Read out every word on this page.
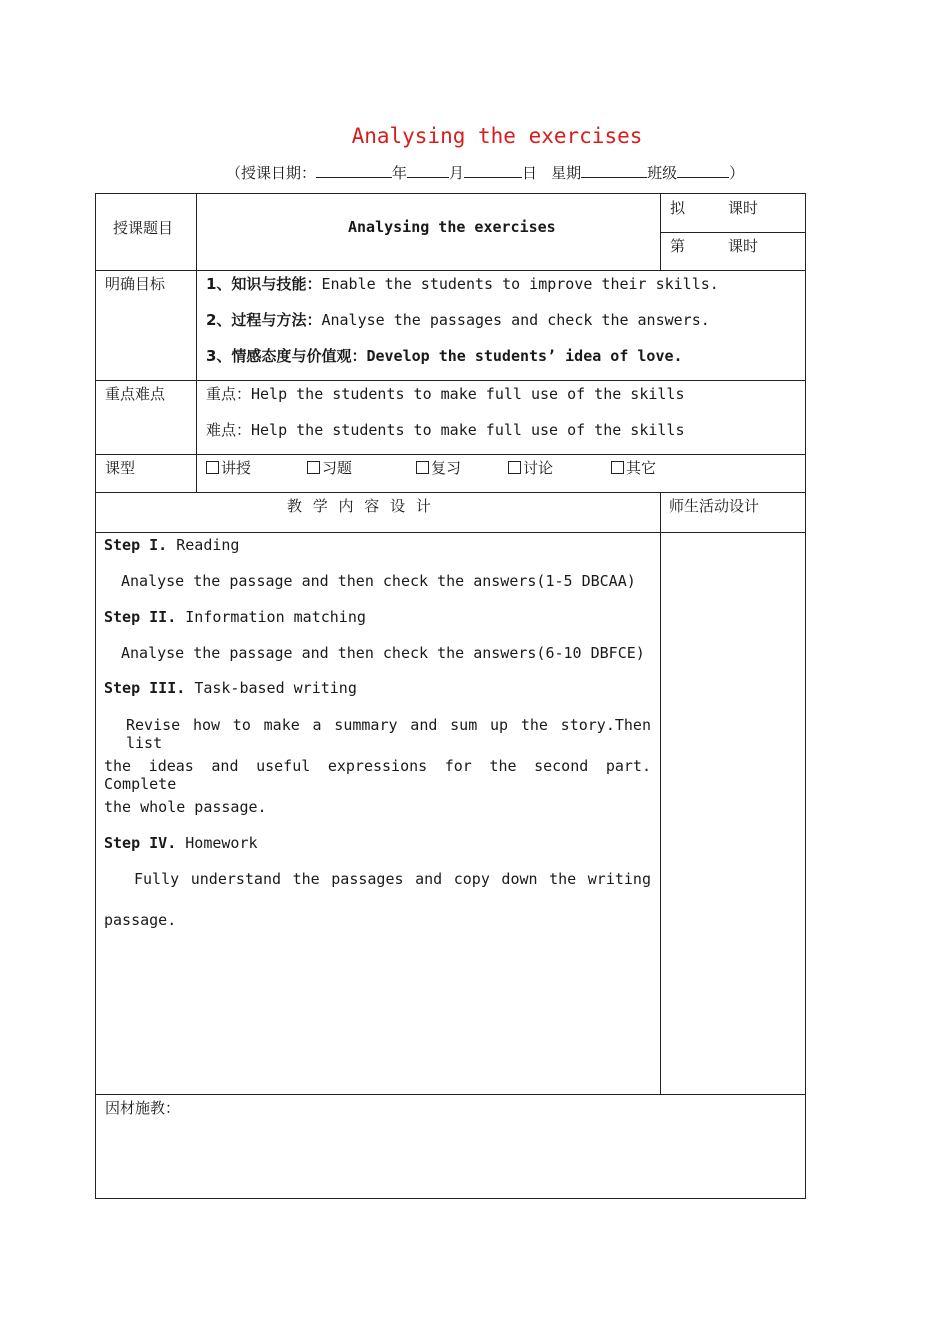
Analysing the exercises
（授课日期：	年	月	日 星期	班级	）
授课题目	Analysing the exercises
拟	课时
第	课时
明确目标	1、知识与技能：Enable the students to improve their skills.
2、过程与方法：Analyse the passages and check the answers.
3、情感态度与价值观：Develop the students’ idea of love.
重点难点	重点：Help the students to make full use of the skills
难点：Help the students to make full use of the skills
课型	讲授	习题	复习	讨论	其它
教 学 内 容 设 计	师生活动设计
Step I. Reading
Analyse the passage and then check the answers(1-5 DBCAA)
Step II. Information matching
Analyse the passage and then check the answers(6-10 DBFCE)
Step III. Task-based writing
Revise how to make a summary and sum up the story.Then list
the ideas and useful expressions for the second part. Complete
the whole passage.
Step IV. Homework
Fully understand the passages and copy down the writing
passage.
因材施教：
